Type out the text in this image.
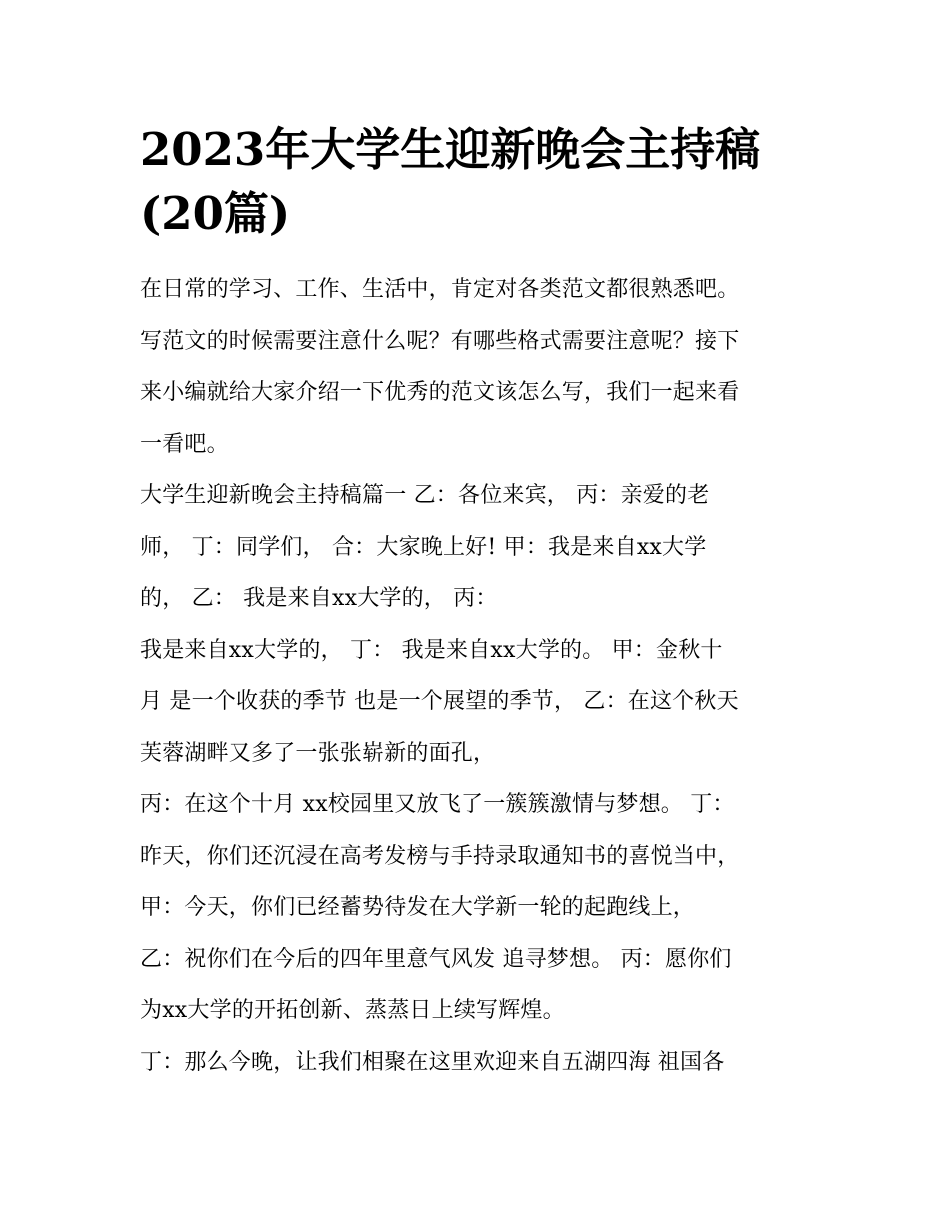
2023年大学生迎新晚会主持稿
(20篇)

在日常的学习、工作、生活中，肯定对各类范文都很熟悉吧。

写范文的时候需要注意什么呢？有哪些格式需要注意呢？接下

来小编就给大家介绍一下优秀的范文该怎么写，我们一起来看

一看吧。

大学生迎新晚会主持稿篇一 乙：各位来宾， 丙：亲爱的老

师， 丁：同学们， 合：大家晚上好! 甲：我是来自xx大学

的， 乙： 我是来自xx大学的， 丙：

我是来自xx大学的， 丁： 我是来自xx大学的。 甲：金秋十

月 是一个收获的季节 也是一个展望的季节， 乙：在这个秋天

芙蓉湖畔又多了一张张崭新的面孔，

丙：在这个十月 xx校园里又放飞了一簇簇激情与梦想。 丁：

昨天，你们还沉浸在高考发榜与手持录取通知书的喜悦当中，

甲：今天，你们已经蓄势待发在大学新一轮的起跑线上，

乙：祝你们在今后的四年里意气风发 追寻梦想。 丙：愿你们

为xx大学的开拓创新、蒸蒸日上续写辉煌。

丁：那么今晚，让我们相聚在这里欢迎来自五湖四海 祖国各
